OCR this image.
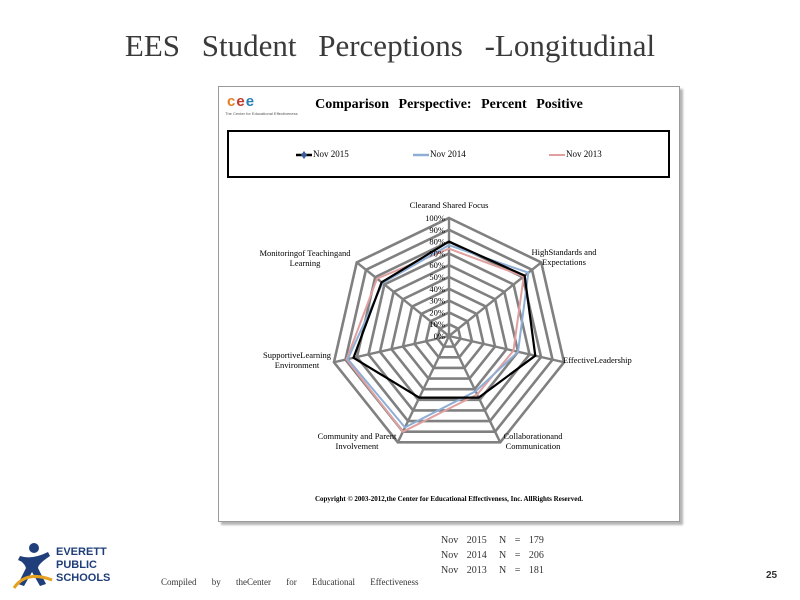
EES Student Perceptions -Longitudinal
cee
The Center for Educational Effectiveness
Comparison Perspective: Percent Positive
Nov 2015	Nov 2014	Nov 2013
0%
10%
20%
30%
40%
50%
60%
70%
80%
90%
100%
Clearand Shared Focus
HighStandards and
Expectations
EffectiveLeadership
Collaborationand
Communication
Community and Parent
Involvement
SupportiveLearning
Environment
Monitoringof Teachingand
Learning
Copyright © 2003-2012,the Center for Educational Effectiveness, Inc. AllRights Reserved.
Nov 2015 N = 179
Nov 2014 N = 206
Nov 2013 N = 181
EVERETT
PUBLIC
SCHOOLS	Compiled by theCenter for Educational Effectiveness
25
